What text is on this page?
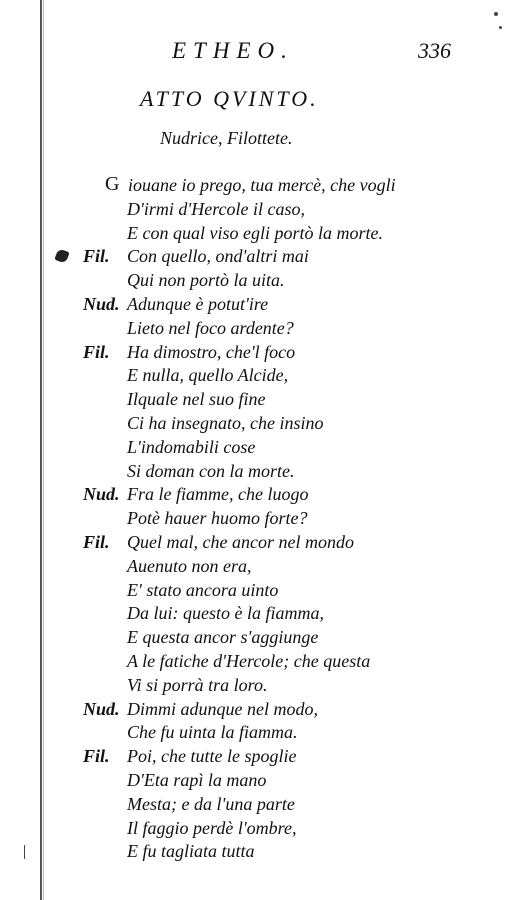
ETHEO.	336
ATTO QVINTO.
Nudrice, Filottete.
G iouane io prego, tua mercè, che vogli
D'irmi d'Hercole il caso,
E con qual viso egli portò la morte.
Fil. Con quello, ond'altri mai
Qui non portò la uita.
Nud. Adunque è potut'ire
Lieto nel foco ardente?
Fil. Ha dimostro, che'l foco
E nulla, quello Alcide,
Ilquale nel suo fine
Ci ha insegnato, che insino
L'indomabili cose
Si doman con la morte.
Nud. Fra le fiamme, che luogo
Potè hauer huomo forte?
Fil. Quel mal, che ancor nel mondo
Auenuto non era,
E' stato ancora uinto
Da lui: questo è la fiamma,
E questa ancor s'aggiunge
A le fatiche d'Hercole; che questa
Vi si porrà tra loro.
Nud. Dimmi adunque nel modo,
Che fu uinta la fiamma.
Fil. Poi, che tutte le spoglie
D'Eta rapì la mano
Mesta; e da l'una parte
Il faggio perdè l'ombre,
E fu tagliata tutta
